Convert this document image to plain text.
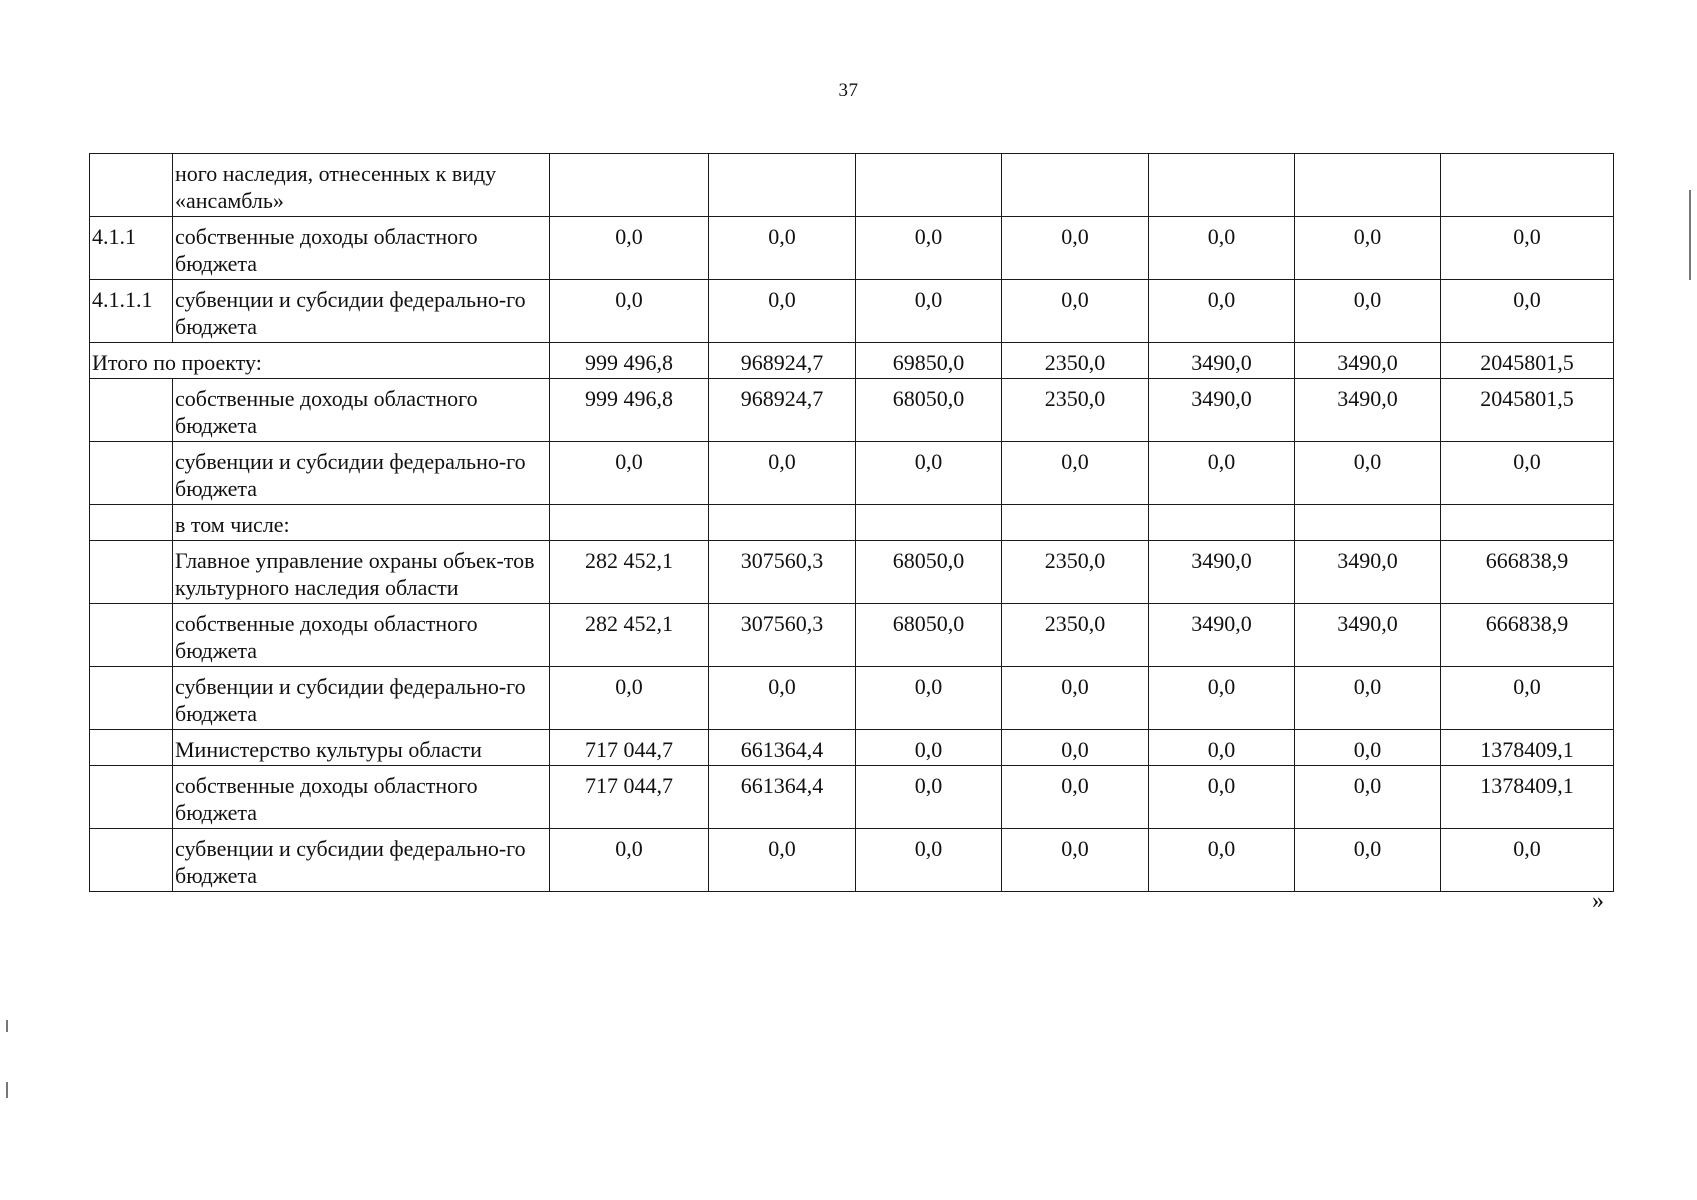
37
	ного наследия, отнесенных к виду «ансамбль»							
4.1.1	собственные доходы областного бюджета	0,0	0,0	0,0	0,0	0,0	0,0	0,0
4.1.1.1	субвенции и субсидии федерально-го бюджета	0,0	0,0	0,0	0,0	0,0	0,0	0,0
Итого по проекту:		999 496,8	968924,7	69850,0	2350,0	3490,0	3490,0	2045801,5
	собственные доходы областного бюджета	999 496,8	968924,7	68050,0	2350,0	3490,0	3490,0	2045801,5
	субвенции и субсидии федерально-го бюджета	0,0	0,0	0,0	0,0	0,0	0,0	0,0
	в том числе:							
	Главное управление охраны объек-тов культурного наследия области	282 452,1	307560,3	68050,0	2350,0	3490,0	3490,0	666838,9
	собственные доходы областного бюджета	282 452,1	307560,3	68050,0	2350,0	3490,0	3490,0	666838,9
	субвенции и субсидии федерально-го бюджета	0,0	0,0	0,0	0,0	0,0	0,0	0,0
	Министерство культуры области	717 044,7	661364,4	0,0	0,0	0,0	0,0	1378409,1
	собственные доходы областного бюджета	717 044,7	661364,4	0,0	0,0	0,0	0,0	1378409,1
	субвенции и субсидии федерально-го бюджета	0,0	0,0	0,0	0,0	0,0	0,0	0,0
»
